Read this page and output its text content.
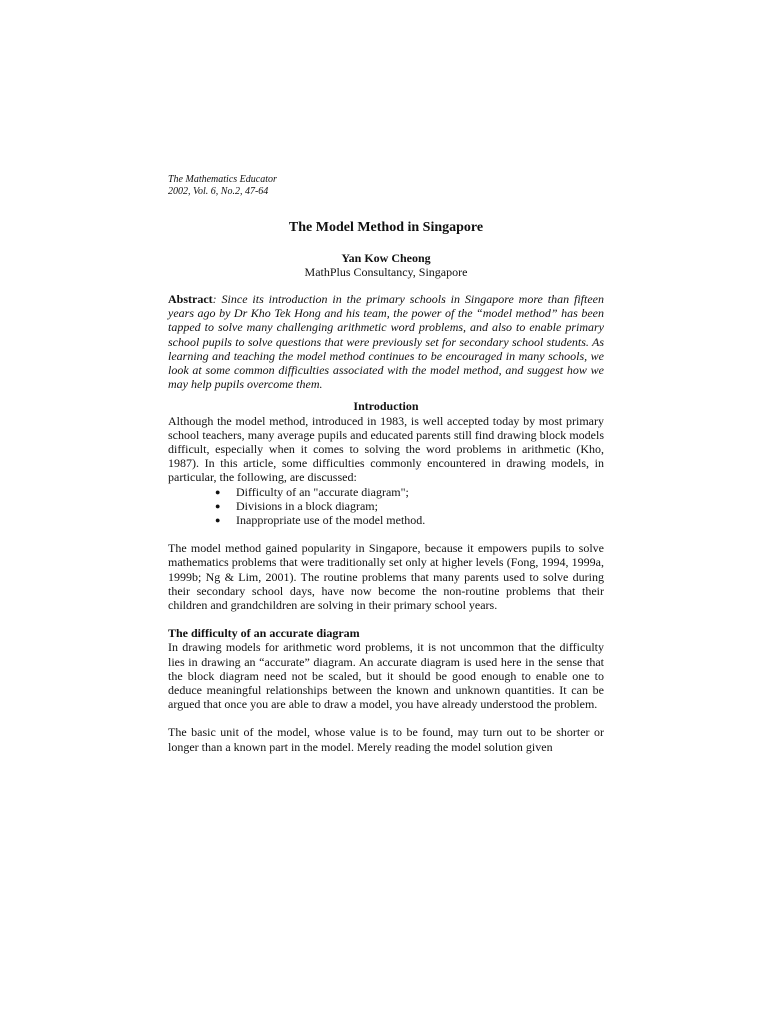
The Mathematics Educator
2002, Vol. 6, No.2, 47-64
The Model Method in Singapore
Yan Kow Cheong
MathPlus Consultancy, Singapore
Abstract: Since its introduction in the primary schools in Singapore more than fifteen years ago by Dr Kho Tek Hong and his team, the power of the “model method” has been tapped to solve many challenging arithmetic word problems, and also to enable primary school pupils to solve questions that were previously set for secondary school students. As learning and teaching the model method continues to be encouraged in many schools, we look at some common difficulties associated with the model method, and suggest how we may help pupils overcome them.
Introduction

Although the model method, introduced in 1983, is well accepted today by most primary school teachers, many average pupils and educated parents still find drawing block models difficult, especially when it comes to solving the word problems in arithmetic (Kho, 1987). In this article, some difficulties commonly encountered in drawing models, in particular, the following, are discussed:

● Difficulty of an "accurate diagram";
● Divisions in a block diagram;
● Inappropriate use of the model method.

The model method gained popularity in Singapore, because it empowers pupils to solve mathematics problems that were traditionally set only at higher levels (Fong, 1994, 1999a, 1999b; Ng & Lim, 2001). The routine problems that many parents used to solve during their secondary school days, have now become the non-routine problems that their children and grandchildren are solving in their primary school years.

The difficulty of an accurate diagram

In drawing models for arithmetic word problems, it is not uncommon that the difficulty lies in drawing an “accurate” diagram. An accurate diagram is used here in the sense that the block diagram need not be scaled, but it should be good enough to enable one to deduce meaningful relationships between the known and unknown quantities. It can be argued that once you are able to draw a model, you have already understood the problem.

The basic unit of the model, whose value is to be found, may turn out to be shorter or longer than a known part in the model. Merely reading the model solution given
